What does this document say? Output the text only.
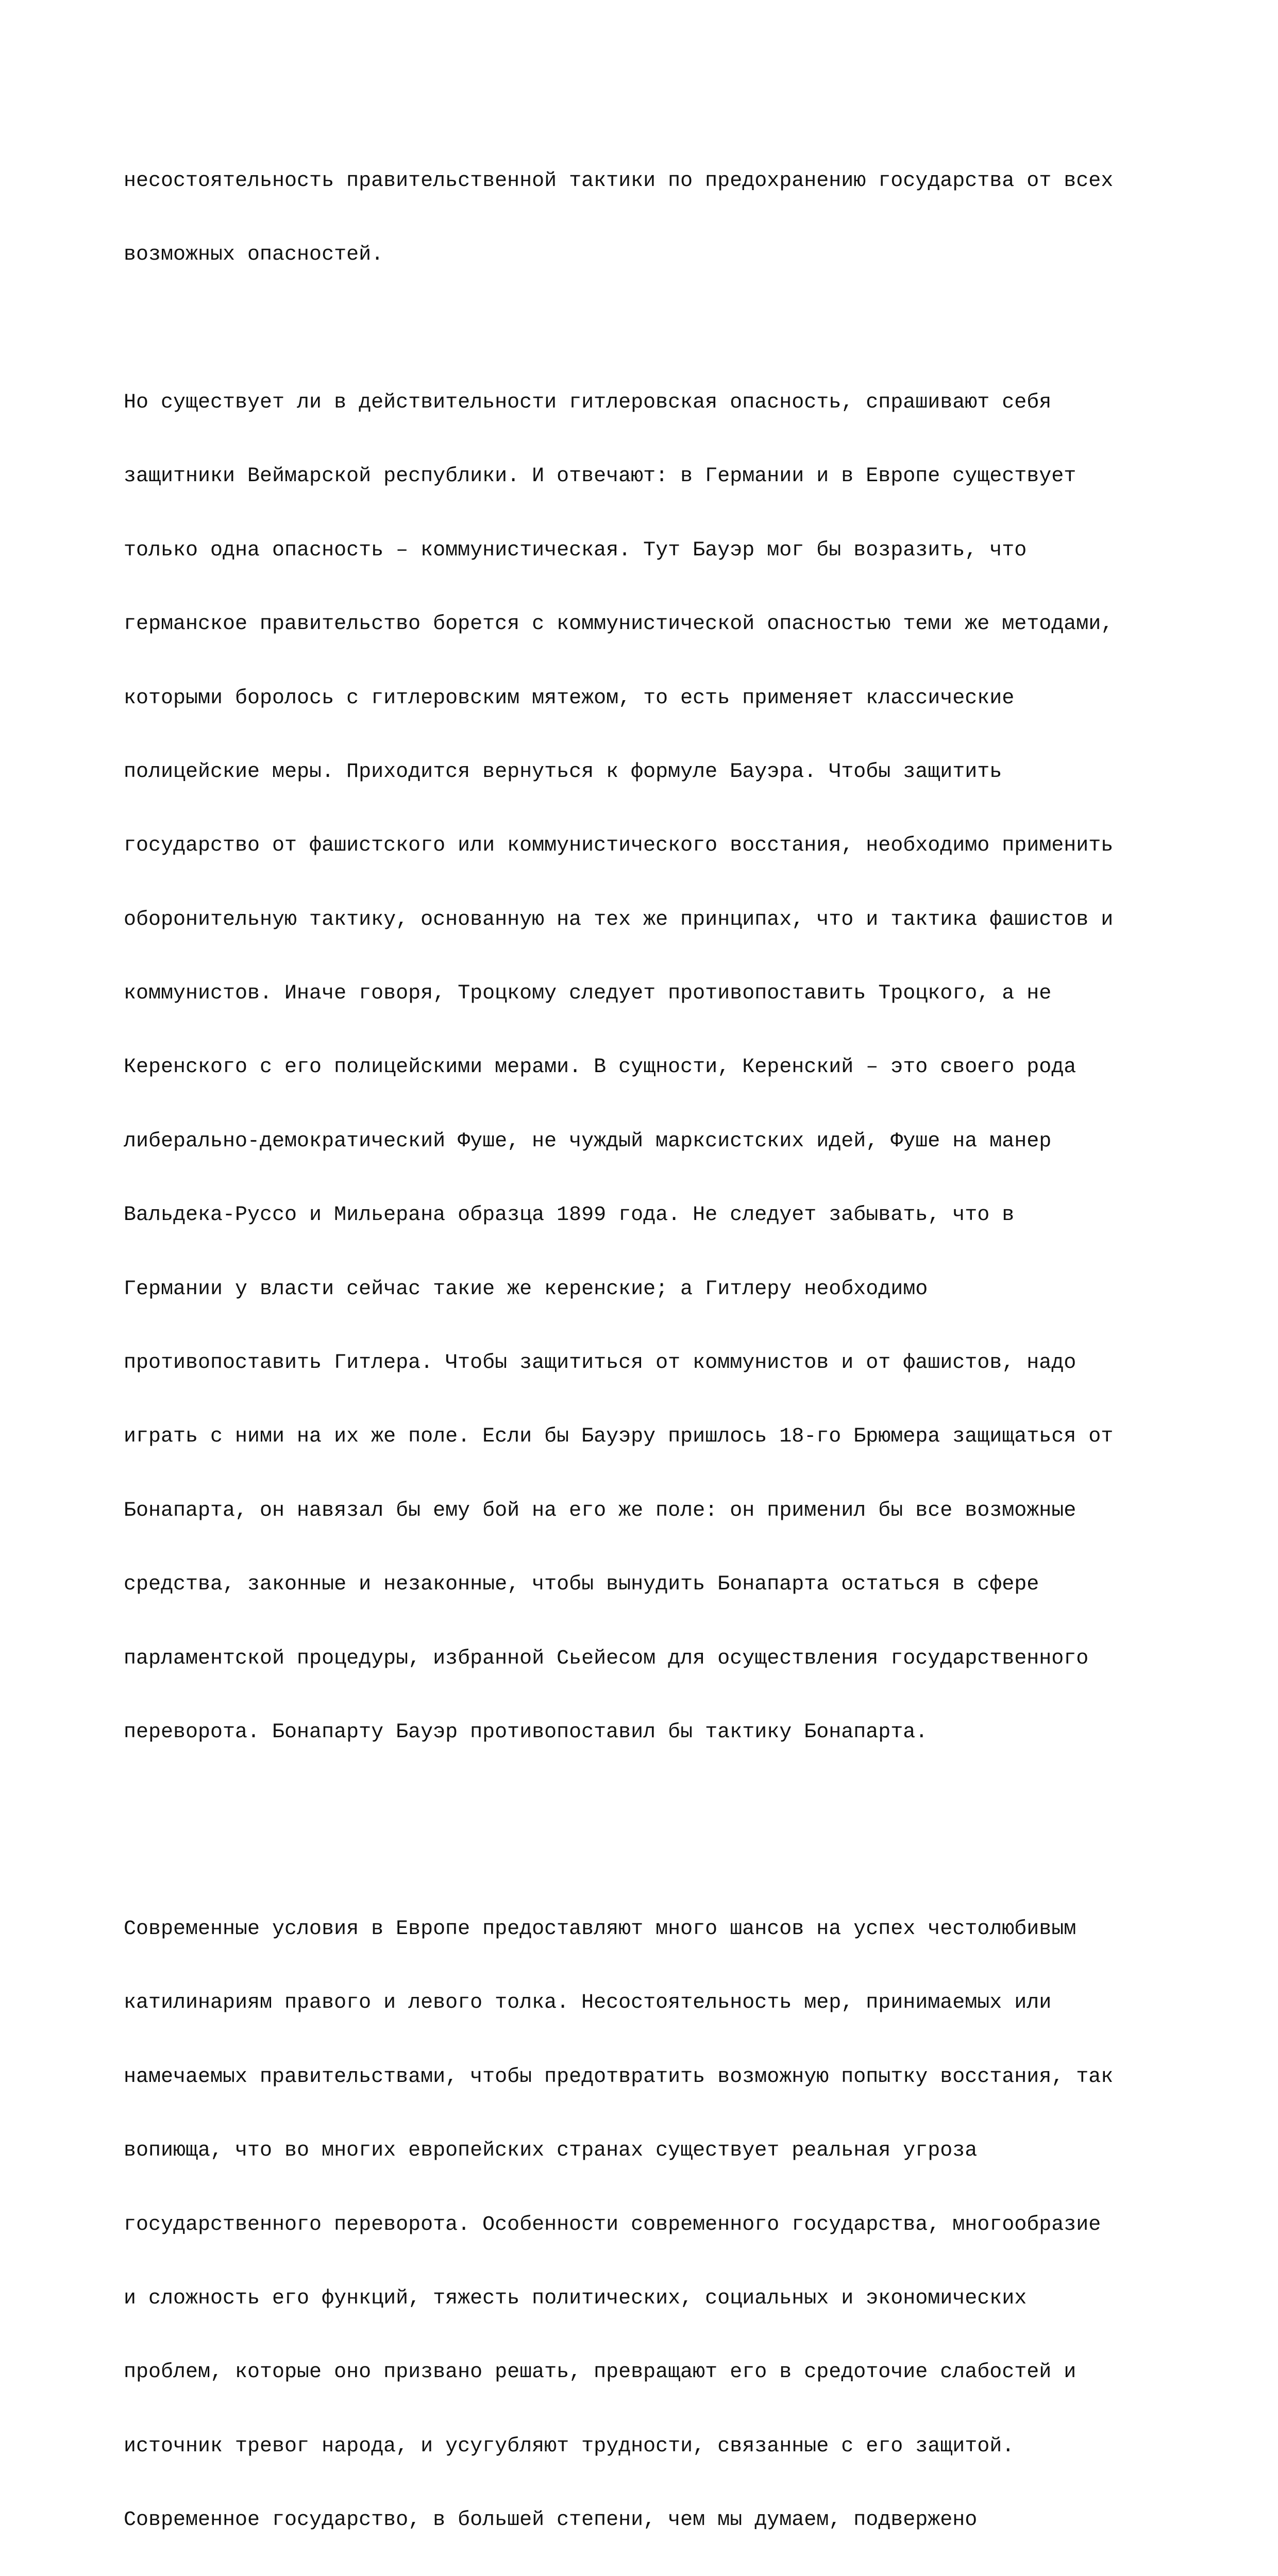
несостоятельность правительственной тактики по предохранению государства от всех

возможных опасностей.

Но существует ли в действительности гитлеровская опасность, спрашивают себя

защитники Веймарской республики. И отвечают: в Германии и в Европе существует

только одна опасность – коммунистическая. Тут Бауэр мог бы возразить, что

германское правительство борется с коммунистической опасностью теми же методами,

которыми боролось с гитлеровским мятежом, то есть применяет классические

полицейские меры. Приходится вернуться к формуле Бауэра. Чтобы защитить

государство от фашистского или коммунистического восстания, необходимо применить

оборонительную тактику, основанную на тех же принципах, что и тактика фашистов и

коммунистов. Иначе говоря, Троцкому следует противопоставить Троцкого, а не

Керенского с его полицейскими мерами. В сущности, Керенский – это своего рода

либерально-демократический Фуше, не чуждый марксистских идей, Фуше на манер

Вальдека-Руссо и Мильерана образца 1899 года. Не следует забывать, что в

Германии у власти сейчас такие же керенские; а Гитлеру необходимо

противопоставить Гитлера. Чтобы защититься от коммунистов и от фашистов, надо

играть с ними на их же поле. Если бы Бауэру пришлось 18-го Брюмера защищаться от

Бонапарта, он навязал бы ему бой на его же поле: он применил бы все возможные

средства, законные и незаконные, чтобы вынудить Бонапарта остаться в сфере

парламентской процедуры, избранной Сьейесом для осуществления государственного

переворота. Бонапарту Бауэр противопоставил бы тактику Бонапарта.

Современные условия в Европе предоставляют много шансов на успех честолюбивым

катилинариям правого и левого толка. Несостоятельность мер, принимаемых или

намечаемых правительствами, чтобы предотвратить возможную попытку восстания, так

вопиюща, что во многих европейских странах существует реальная угроза

государственного переворота. Особенности современного государства, многообразие

и сложность его функций, тяжесть политических, социальных и экономических

проблем, которые оно призвано решать, превращают его в средоточие слабостей и

источник тревог народа, и усугубляют трудности, связанные с его защитой.

Современное государство, в большей степени, чем мы думаем, подвержено
